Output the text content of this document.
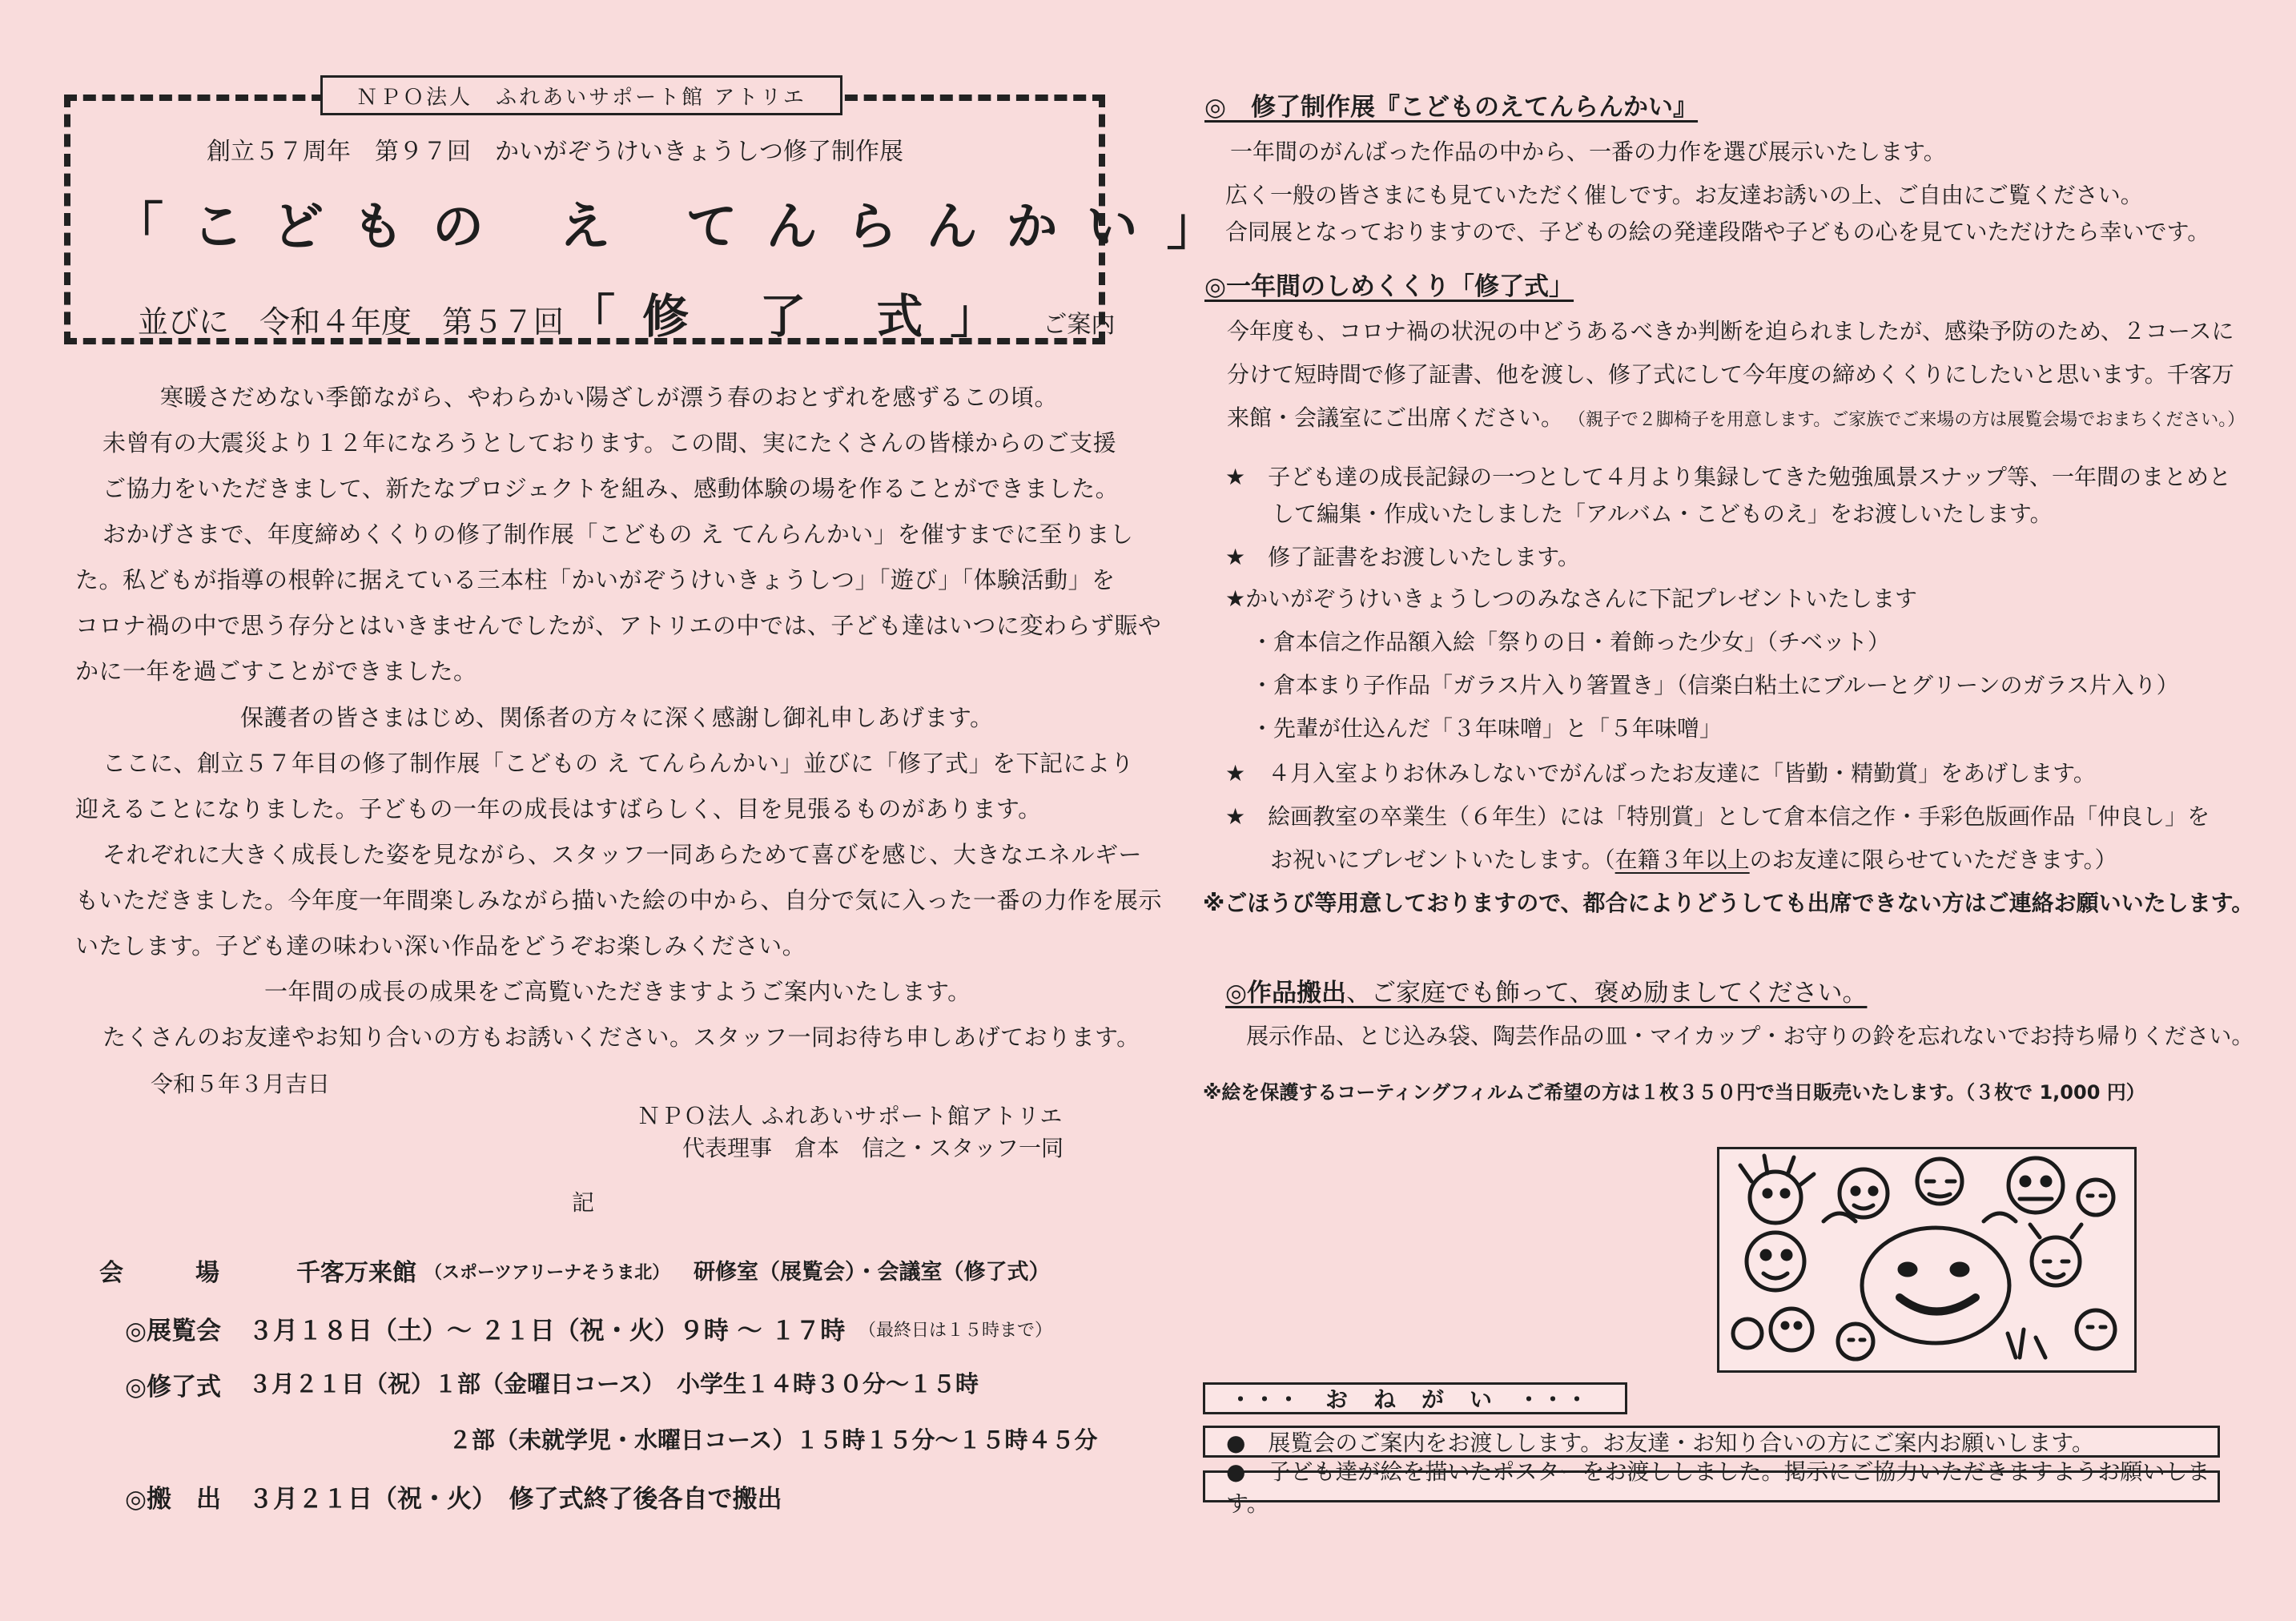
ＮＰＯ法人　ふれあいサポート館 アトリエ
創立５７周年　第９７回　かいがぞうけいきょうしつ修了制作展
「こどもの え てんらんかい」
並びに　令和４年度　第５７回 「修 了 式」 ご案内
寒暖さだめない季節ながら、やわらかい陽ざしが漂う春のおとずれを感ずるこの頃。
未曾有の大震災より１２年になろうとしております。この間、実にたくさんの皆様からのご支援
ご協力をいただきまして、新たなプロジェクトを組み、感動体験の場を作ることができました。
おかげさまで、年度締めくくりの修了制作展「こどもの え てんらんかい」を催すまでに至りまし
た。私どもが指導の根幹に据えている三本柱「かいがぞうけいきょうしつ」「遊び」「体験活動」を
コロナ禍の中で思う存分とはいきませんでしたが、アトリエの中では、子ども達はいつに変わらず賑や
かに一年を過ごすことができました。
保護者の皆さまはじめ、関係者の方々に深く感謝し御礼申しあげます。
ここに、創立５７年目の修了制作展「こどもの え てんらんかい」並びに「修了式」を下記により
迎えることになりました。子どもの一年の成長はすばらしく、目を見張るものがあります。
それぞれに大きく成長した姿を見ながら、スタッフ一同あらためて喜びを感じ、大きなエネルギー
もいただきました。今年度一年間楽しみながら描いた絵の中から、自分で気に入った一番の力作を展示
いたします。子ども達の味わい深い作品をどうぞお楽しみください。
一年間の成長の成果をご高覧いただきますようご案内いたします。
たくさんのお友達やお知り合いの方もお誘いください。スタッフ一同お待ち申しあげております。
令和５年３月吉日
ＮＰＯ法人 ふれあいサポート館アトリエ
代表理事　倉本　信之・スタッフ一同
記
会　　　場	千客万来館 （スポーツアリーナそうま北） 研修室（展覧会）・会議室（修了式）
◎展覧会 ３月１８日（土）～ ２１日（祝・火）９時 ～ １７時 （最終日は１５時まで）
◎修了式 ３月２１日（祝）１部（金曜日コース）　小学生１４時３０分～１５時
２部（未就学児・水曜日コース）１５時１５分～１５時４５分
◎搬　出 ３月２１日（祝・火）　修了式終了後各自で搬出
◎　修了制作展『こどものえてんらんかい』
一年間のがんばった作品の中から、一番の力作を選び展示いたします。
広く一般の皆さまにも見ていただく催しです。お友達お誘いの上、ご自由にご覧ください。
合同展となっておりますので、子どもの絵の発達段階や子どもの心を見ていただけたら幸いです。
◎一年間のしめくくり「修了式」
今年度も、コロナ禍の状況の中どうあるべきか判断を迫られましたが、感染予防のため、２コースに
分けて短時間で修了証書、他を渡し、修了式にして今年度の締めくくりにしたいと思います。千客万
来館・会議室にご出席ください。 （親子で２脚椅子を用意します。ご家族でご来場の方は展覧会場でおまちください。）
★　子ども達の成長記録の一つとして４月より集録してきた勉強風景スナップ等、一年間のまとめと
して編集・作成いたしました「アルバム・こどものえ」をお渡しいたします。
★　修了証書をお渡しいたします。
★かいがぞうけいきょうしつのみなさんに下記プレゼントいたします
・倉本信之作品額入絵「祭りの日・着飾った少女」（チベット）
・倉本まり子作品「ガラス片入り箸置き」（信楽白粘土にブルーとグリーンのガラス片入り）
・先輩が仕込んだ「３年味噌」と「５年味噌」
★　４月入室よりお休みしないでがんばったお友達に「皆勤・精勤賞」をあげします。
★　絵画教室の卒業生（６年生）には「特別賞」として倉本信之作・手彩色版画作品「仲良し」を
お祝いにプレゼントいたします。（在籍３年以上のお友達に限らせていただきます。）
※ごほうび等用意しておりますので、都合によりどうしても出席できない方はご連絡お願いいたします。
◎作品搬出、ご家庭でも飾って、褒め励ましてください。
展示作品、とじ込み袋、陶芸作品の皿・マイカップ・お守りの鈴を忘れないでお持ち帰りください。
※絵を保護するコーティングフィルムご希望の方は１枚３５０円で当日販売いたします。（３枚で 1,000 円）
・・・　お　ね　が　い　・・・
●　展覧会のご案内をお渡しします。お友達・お知り合いの方にご案内お願いします。
●　子ども達が絵を描いたポスターをお渡ししました。掲示にご協力いただきますようお願いします。
